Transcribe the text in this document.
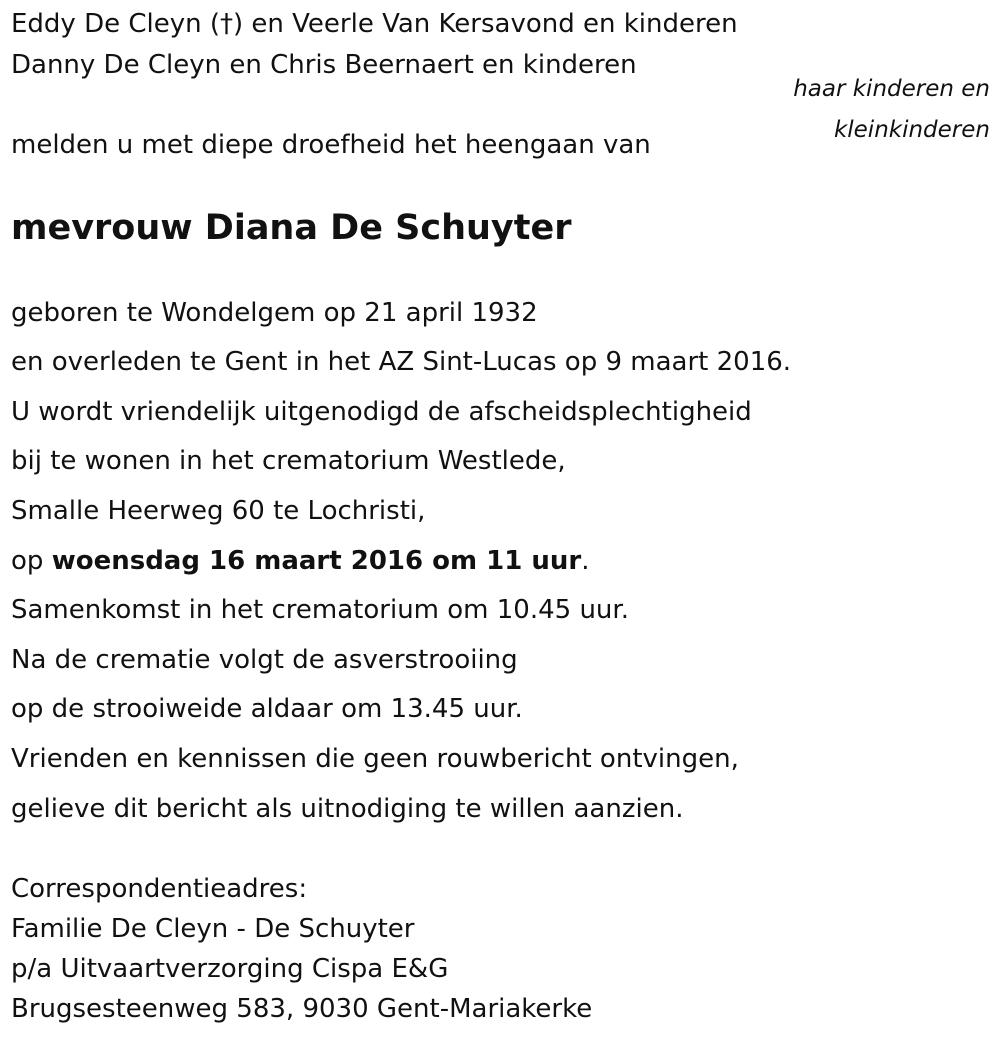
Eddy De Cleyn (†) en Veerle Van Kersavond en kinderen

Danny De Cleyn en Chris Beernaert en kinderen

haar kinderen en
kleinkinderen

melden u met diepe droefheid het heengaan van

mevrouw Diana De Schuyter

geboren te Wondelgem op 21 april 1932

en overleden te Gent in het AZ Sint-Lucas op 9 maart 2016.

U wordt vriendelijk uitgenodigd de afscheidsplechtigheid

bij te wonen in het crematorium Westlede,

Smalle Heerweg 60 te Lochristi,

op woensdag 16 maart 2016 om 11 uur.

Samenkomst in het crematorium om 10.45 uur.

Na de crematie volgt de asverstrooiing

op de strooiweide aldaar om 13.45 uur.

Vrienden en kennissen die geen rouwbericht ontvingen,

gelieve dit bericht als uitnodiging te willen aanzien.

Correspondentieadres:

Familie De Cleyn - De Schuyter

p/a Uitvaartverzorging Cispa E&G

Brugsesteenweg 583, 9030 Gent-Mariakerke
